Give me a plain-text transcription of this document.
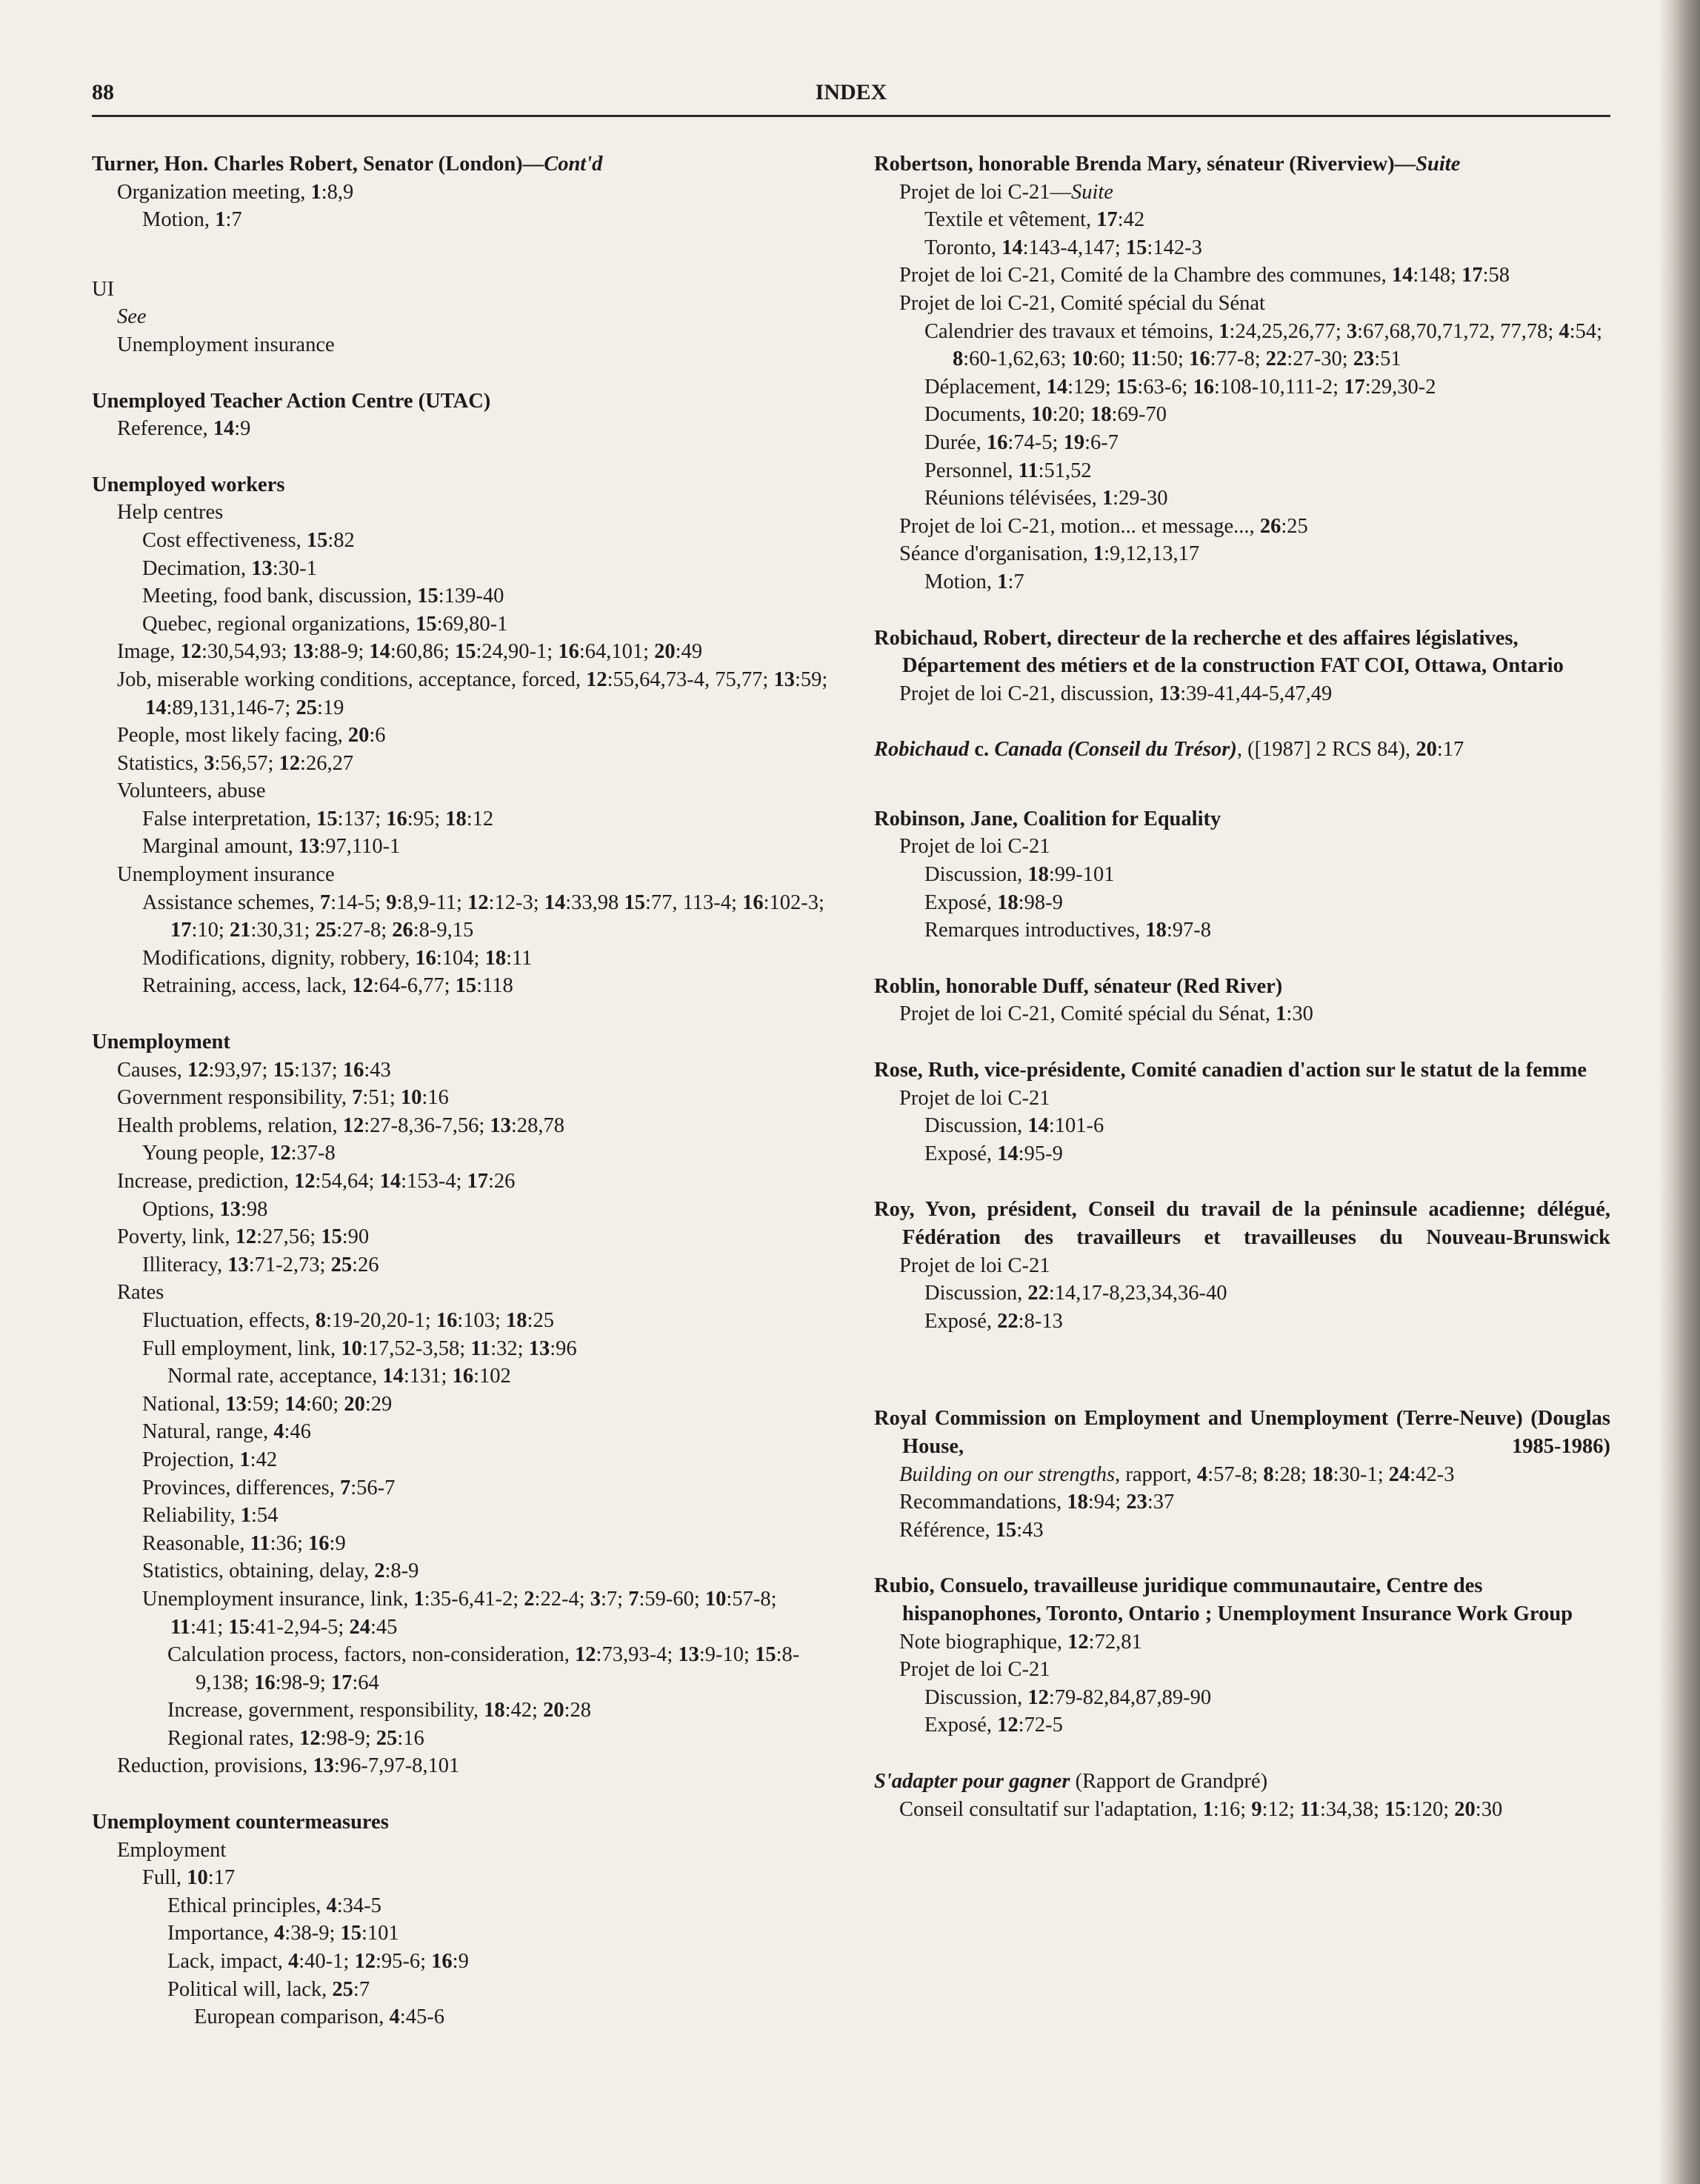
INDEX
88
Turner, Hon. Charles Robert, Senator (London)—Cont'd
Organization meeting, 1:8,9
Motion, 1:7
UI
See
Unemployment insurance
Unemployed Teacher Action Centre (UTAC)
Reference, 14:9
Unemployed workers
Help centres
Cost effectiveness, 15:82
Decimation, 13:30-1
Meeting, food bank, discussion, 15:139-40
Quebec, regional organizations, 15:69,80-1
Image, 12:30,54,93; 13:88-9; 14:60,86; 15:24,90-1; 16:64,101; 20:49
Job, miserable working conditions, acceptance, forced, 12:55,64,73-4, 75,77; 13:59; 14:89,131,146-7; 25:19
People, most likely facing, 20:6
Statistics, 3:56,57; 12:26,27
Volunteers, abuse
False interpretation, 15:137; 16:95; 18:12
Marginal amount, 13:97,110-1
Unemployment insurance
Assistance schemes, 7:14-5; 9:8,9-11; 12:12-3; 14:33,98 15:77, 113-4; 16:102-3; 17:10; 21:30,31; 25:27-8; 26:8-9,15
Modifications, dignity, robbery, 16:104; 18:11
Retraining, access, lack, 12:64-6,77; 15:118
Unemployment
Causes, 12:93,97; 15:137; 16:43
Government responsibility, 7:51; 10:16
Health problems, relation, 12:27-8,36-7,56; 13:28,78
Young people, 12:37-8
Increase, prediction, 12:54,64; 14:153-4; 17:26
Options, 13:98
Poverty, link, 12:27,56; 15:90
Illiteracy, 13:71-2,73; 25:26
Rates
Fluctuation, effects, 8:19-20,20-1; 16:103; 18:25
Full employment, link, 10:17,52-3,58; 11:32; 13:96
Normal rate, acceptance, 14:131; 16:102
National, 13:59; 14:60; 20:29
Natural, range, 4:46
Projection, 1:42
Provinces, differences, 7:56-7
Reliability, 1:54
Reasonable, 11:36; 16:9
Statistics, obtaining, delay, 2:8-9
Unemployment insurance, link, 1:35-6,41-2; 2:22-4; 3:7; 7:59-60; 10:57-8; 11:41; 15:41-2,94-5; 24:45
Calculation process, factors, non-consideration, 12:73,93-4; 13:9-10; 15:8-9,138; 16:98-9; 17:64
Increase, government, responsibility, 18:42; 20:28
Regional rates, 12:98-9; 25:16
Reduction, provisions, 13:96-7,97-8,101
Unemployment countermeasures
Employment
Full, 10:17
Ethical principles, 4:34-5
Importance, 4:38-9; 15:101
Lack, impact, 4:40-1; 12:95-6; 16:9
Political will, lack, 25:7
European comparison, 4:45-6
Robertson, honorable Brenda Mary, sénateur (Riverview)—Suite
Projet de loi C-21—Suite
Textile et vêtement, 17:42
Toronto, 14:143-4,147; 15:142-3
Projet de loi C-21, Comité de la Chambre des communes, 14:148; 17:58
Projet de loi C-21, Comité spécial du Sénat
Calendrier des travaux et témoins, 1:24,25,26,77; 3:67,68,70,71,72, 77,78; 4:54; 8:60-1,62,63; 10:60; 11:50; 16:77-8; 22:27-30; 23:51
Déplacement, 14:129; 15:63-6; 16:108-10,111-2; 17:29,30-2
Documents, 10:20; 18:69-70
Durée, 16:74-5; 19:6-7
Personnel, 11:51,52
Réunions télévisées, 1:29-30
Projet de loi C-21, motion... et message..., 26:25
Séance d'organisation, 1:9,12,13,17
Motion, 1:7
Robichaud, Robert, directeur de la recherche et des affaires législatives, Département des métiers et de la construction FAT COI, Ottawa, Ontario
Projet de loi C-21, discussion, 13:39-41,44-5,47,49
Robichaud c. Canada (Conseil du Trésor), ([1987] 2 RCS 84), 20:17
Robinson, Jane, Coalition for Equality
Projet de loi C-21
Discussion, 18:99-101
Exposé, 18:98-9
Remarques introductives, 18:97-8
Roblin, honorable Duff, sénateur (Red River)
Projet de loi C-21, Comité spécial du Sénat, 1:30
Rose, Ruth, vice-présidente, Comité canadien d'action sur le statut de la femme
Projet de loi C-21
Discussion, 14:101-6
Exposé, 14:95-9
Roy, Yvon, président, Conseil du travail de la péninsule acadienne; délégué, Fédération des travailleurs et travailleuses du Nouveau-Brunswick
Projet de loi C-21
Discussion, 22:14,17-8,23,34,36-40
Exposé, 22:8-13
Royal Commission on Employment and Unemployment (Terre-Neuve) (Douglas House, 1985-1986)
Building on our strengths, rapport, 4:57-8; 8:28; 18:30-1; 24:42-3
Recommandations, 18:94; 23:37
Référence, 15:43
Rubio, Consuelo, travailleuse juridique communautaire, Centre des hispanophones, Toronto, Ontario ; Unemployment Insurance Work Group
Note biographique, 12:72,81
Projet de loi C-21
Discussion, 12:79-82,84,87,89-90
Exposé, 12:72-5
S'adapter pour gagner (Rapport de Grandpré)
Conseil consultatif sur l'adaptation, 1:16; 9:12; 11:34,38; 15:120; 20:30
